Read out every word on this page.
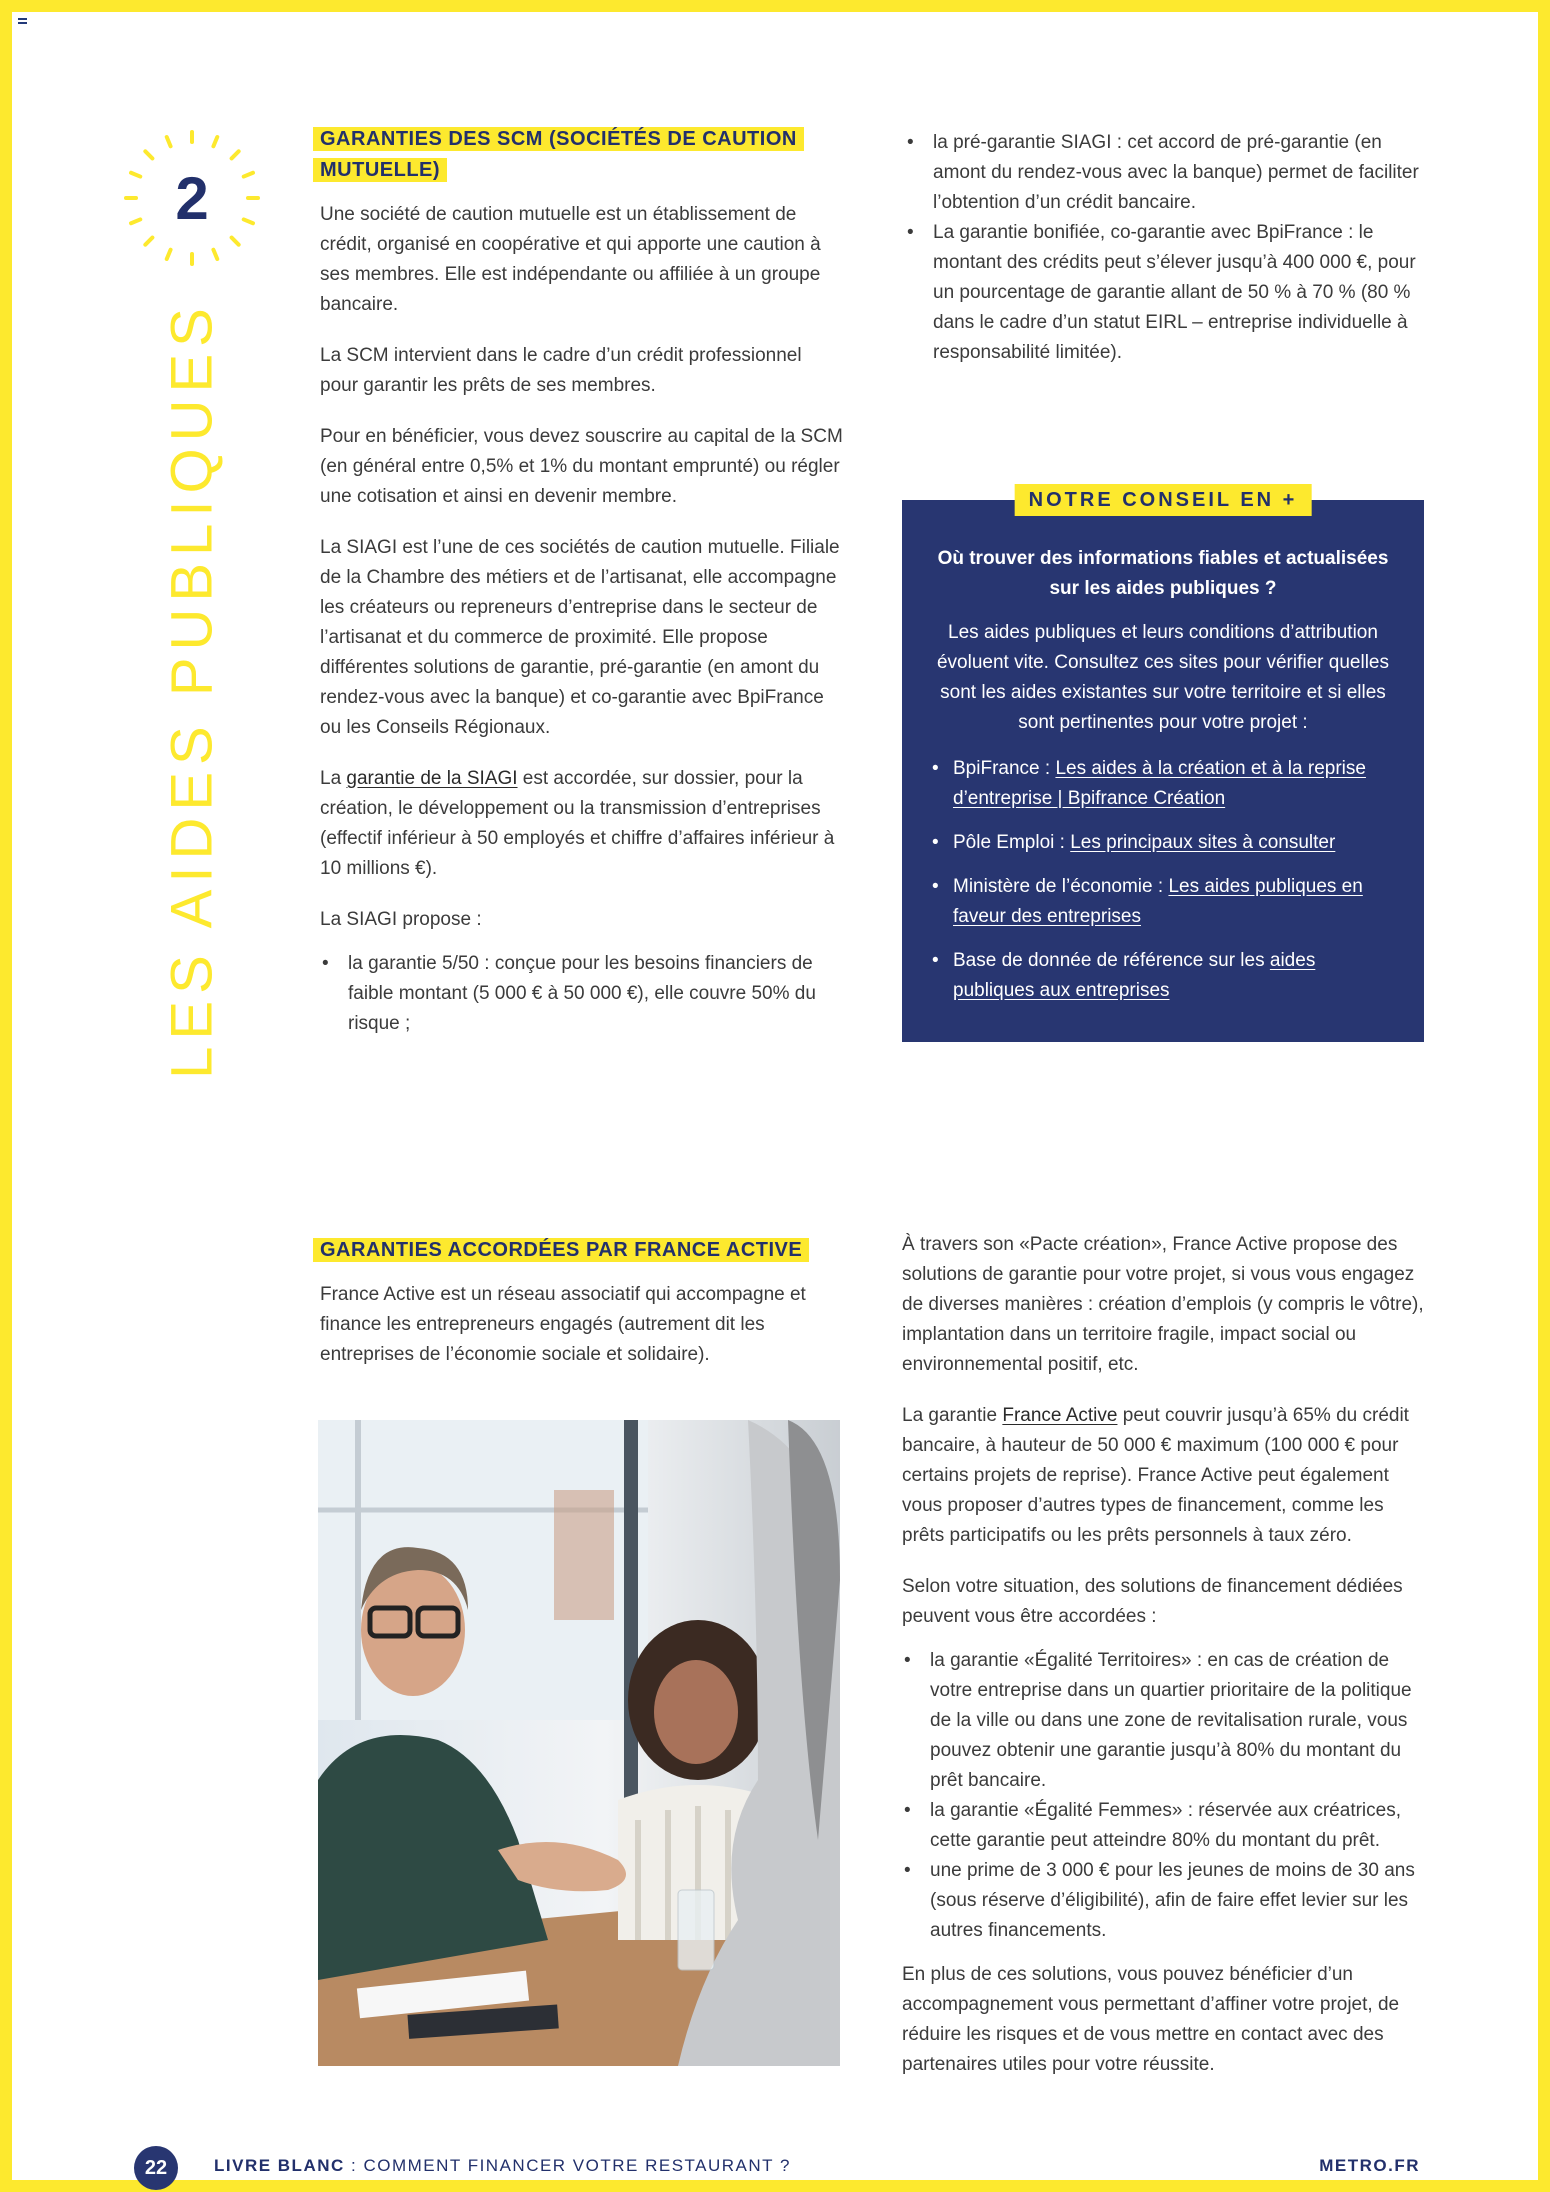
2
LES AIDES PUBLIQUES
GARANTIES DES SCM (SOCIÉTÉS DE CAUTION MUTUELLE)

Une société de caution mutuelle est un établissement de crédit, organisé en coopérative et qui apporte une caution à ses membres. Elle est indépendante ou affiliée à un groupe bancaire.

La SCM intervient dans le cadre d’un crédit professionnel pour garantir les prêts de ses membres.

Pour en bénéficier, vous devez souscrire au capital de la SCM (en général entre 0,5% et 1% du montant emprunté) ou régler une cotisation et ainsi en devenir membre.

La SIAGI est l’une de ces sociétés de caution mutuelle. Filiale de la Chambre des métiers et de l’artisanat, elle accompagne les créateurs ou repreneurs d’entreprise dans le secteur de l’artisanat et du commerce de proximité. Elle propose différentes solutions de garantie, pré-garantie (en amont du rendez-vous avec la banque) et co-garantie avec BpiFrance ou les Conseils Régionaux.

La garantie de la SIAGI est accordée, sur dossier, pour la création, le développement ou la transmission d’entreprises (effectif inférieur à 50 employés et chiffre d’affaires inférieur à 10 millions €).

La SIAGI propose :

• la garantie 5/50 : conçue pour les besoins financiers de faible montant (5 000 € à 50 000 €), elle couvre 50% du risque ;
• la pré-garantie SIAGI : cet accord de pré-garantie (en amont du rendez-vous avec la banque) permet de faciliter l’obtention d’un crédit bancaire.
• La garantie bonifiée, co-garantie avec BpiFrance : le montant des crédits peut s’élever jusqu’à 400 000 €, pour un pourcentage de garantie allant de 50 % à 70 % (80 % dans le cadre d’un statut EIRL – entreprise individuelle à responsabilité limitée).
NOTRE CONSEIL EN +
Où trouver des informations fiables et actualisées sur les aides publiques ?
Les aides publiques et leurs conditions d’attribution évoluent vite. Consultez ces sites pour vérifier quelles sont les aides existantes sur votre territoire et si elles sont pertinentes pour votre projet :
• BpiFrance : Les aides à la création et à la reprise d’entreprise | Bpifrance Création
• Pôle Emploi : Les principaux sites à consulter
• Ministère de l’économie : Les aides publiques en faveur des entreprises
• Base de donnée de référence sur les aides publiques aux entreprises
GARANTIES ACCORDÉES PAR FRANCE ACTIVE

France Active est un réseau associatif qui accompagne et finance les entrepreneurs engagés (autrement dit les entreprises de l’économie sociale et solidaire).

À travers son «Pacte création», France Active propose des solutions de garantie pour votre projet, si vous vous engagez de diverses manières : création d’emplois (y compris le vôtre), implantation dans un territoire fragile, impact social ou environnemental positif, etc.

La garantie France Active peut couvrir jusqu’à 65% du crédit bancaire, à hauteur de 50 000 € maximum (100 000 € pour certains projets de reprise). France Active peut également vous proposer d’autres types de financement, comme les prêts participatifs ou les prêts personnels à taux zéro.

Selon votre situation, des solutions de financement dédiées peuvent vous être accordées :

• la garantie «Égalité Territoires» : en cas de création de votre entreprise dans un quartier prioritaire de la politique de la ville ou dans une zone de revitalisation rurale, vous pouvez obtenir une garantie jusqu’à 80% du montant du prêt bancaire.
• la garantie «Égalité Femmes» : réservée aux créatrices, cette garantie peut atteindre 80% du montant du prêt.
• une prime de 3 000 € pour les jeunes de moins de 30 ans (sous réserve d’éligibilité), afin de faire effet levier sur les autres financements.

En plus de ces solutions, vous pouvez bénéficier d’un accompagnement vous permettant d’affiner votre projet, de réduire les risques et de vous mettre en contact avec des partenaires utiles pour votre réussite.

22	LIVRE BLANC : COMMENT FINANCER VOTRE RESTAURANT ?	METRO.FR
